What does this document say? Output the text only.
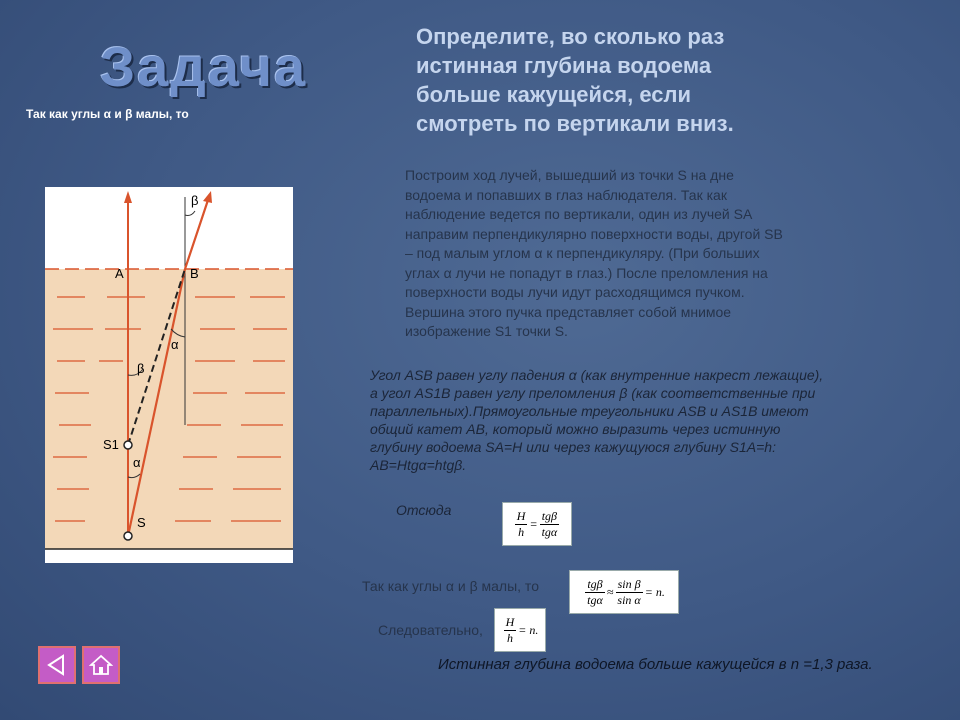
Задача
Так как углы α и β малы, то
Определите, во сколько раз истинная глубина водоема больше кажущейся, если смотреть по вертикали вниз.
A	B
S
S1
β
α
β
α
Построим ход лучей, вышедший из точки S на дне водоема и попавших в глаз наблюдателя. Так как наблюдение ведется по вертикали, один из лучей SA направим перпендикулярно поверхности воды, другой SB – под малым углом α к перпендикуляру. (При больших углах α лучи не попадут в глаз.) После преломления на поверхности воды лучи идут расходящимся пучком. Вершина этого пучка представляет собой мнимое изображение S1 точки S.
Угол ASB равен углу падения α (как внутренние накрест лежащие), а угол AS1B равен углу преломления β (как соответственные при параллельных).Прямоугольные треугольники ASB и AS1B имеют общий катет AB, который можно выразить через истинную глубину водоема SA=H или через кажущуюся глубину S1A=h: AB=Htgα=htgβ.
Отсюда	$\frac{H}{h} = \frac{\text{tgβ}}{\text{tgα}}$
Так как углы α и β малы, то	$\frac{\text{tgβ}}{\text{tgα}} \approx \frac{\text{sin β}}{\text{sin α}} = n$.
Следовательно, $\frac{H}{h} = n$.
Истинная глубина водоема больше кажущейся в n =1,3 раза.
